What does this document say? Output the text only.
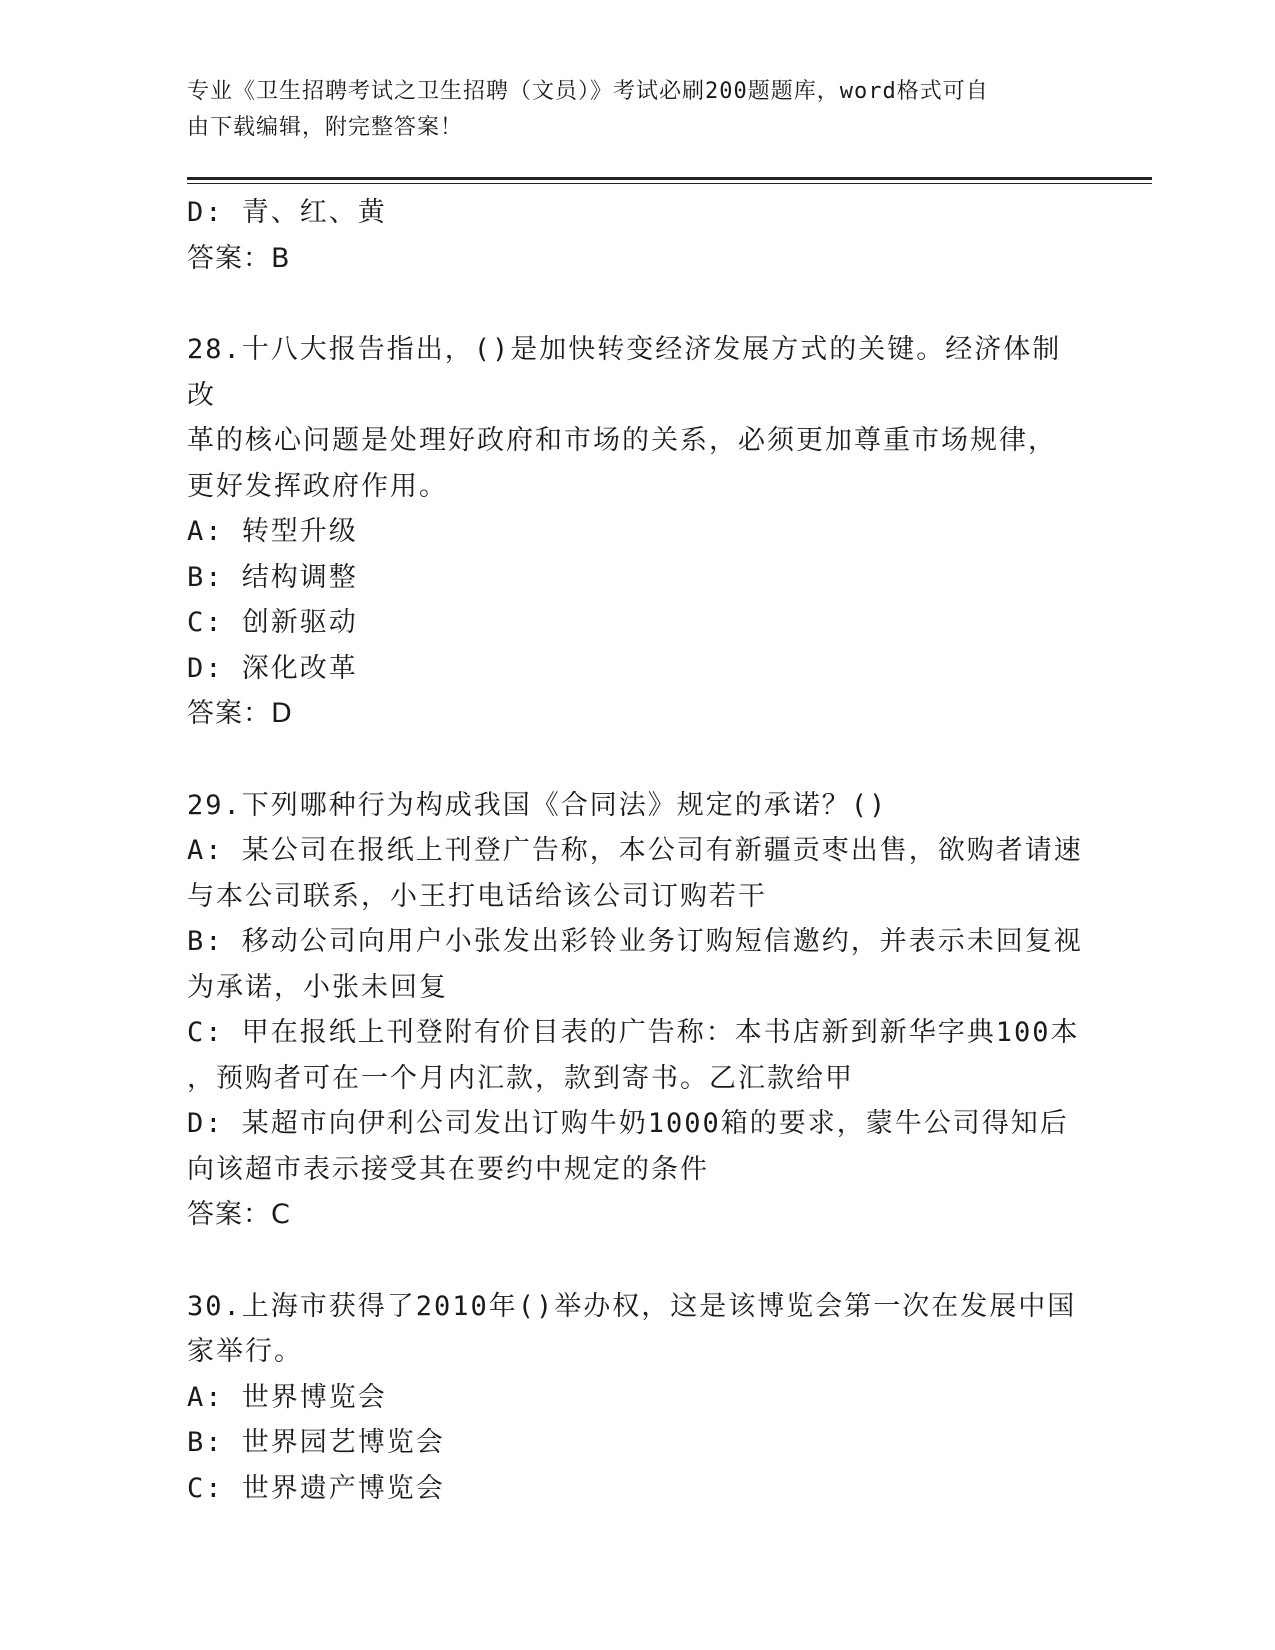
专业《卫生招聘考试之卫生招聘（文员）》考试必刷200题题库，word格式可自
由下载编辑，附完整答案！

D: 青、红、黄

答案：B

28.十八大报告指出，()是加快转变经济发展方式的关键。经济体制改

革的核心问题是处理好政府和市场的关系，必须更加尊重市场规律，

更好发挥政府作用。

A: 转型升级

B: 结构调整

C: 创新驱动

D: 深化改革

答案：D

29.下列哪种行为构成我国《合同法》规定的承诺？()

A: 某公司在报纸上刊登广告称，本公司有新疆贡枣出售，欲购者请速

与本公司联系，小王打电话给该公司订购若干

B: 移动公司向用户小张发出彩铃业务订购短信邀约，并表示未回复视

为承诺，小张未回复

C: 甲在报纸上刊登附有价目表的广告称：本书店新到新华字典100本

，预购者可在一个月内汇款，款到寄书。乙汇款给甲

D: 某超市向伊利公司发出订购牛奶1000箱的要求，蒙牛公司得知后

向该超市表示接受其在要约中规定的条件

答案：C

30.上海市获得了2010年()举办权，这是该博览会第一次在发展中国

家举行。

A: 世界博览会

B: 世界园艺博览会

C: 世界遗产博览会
